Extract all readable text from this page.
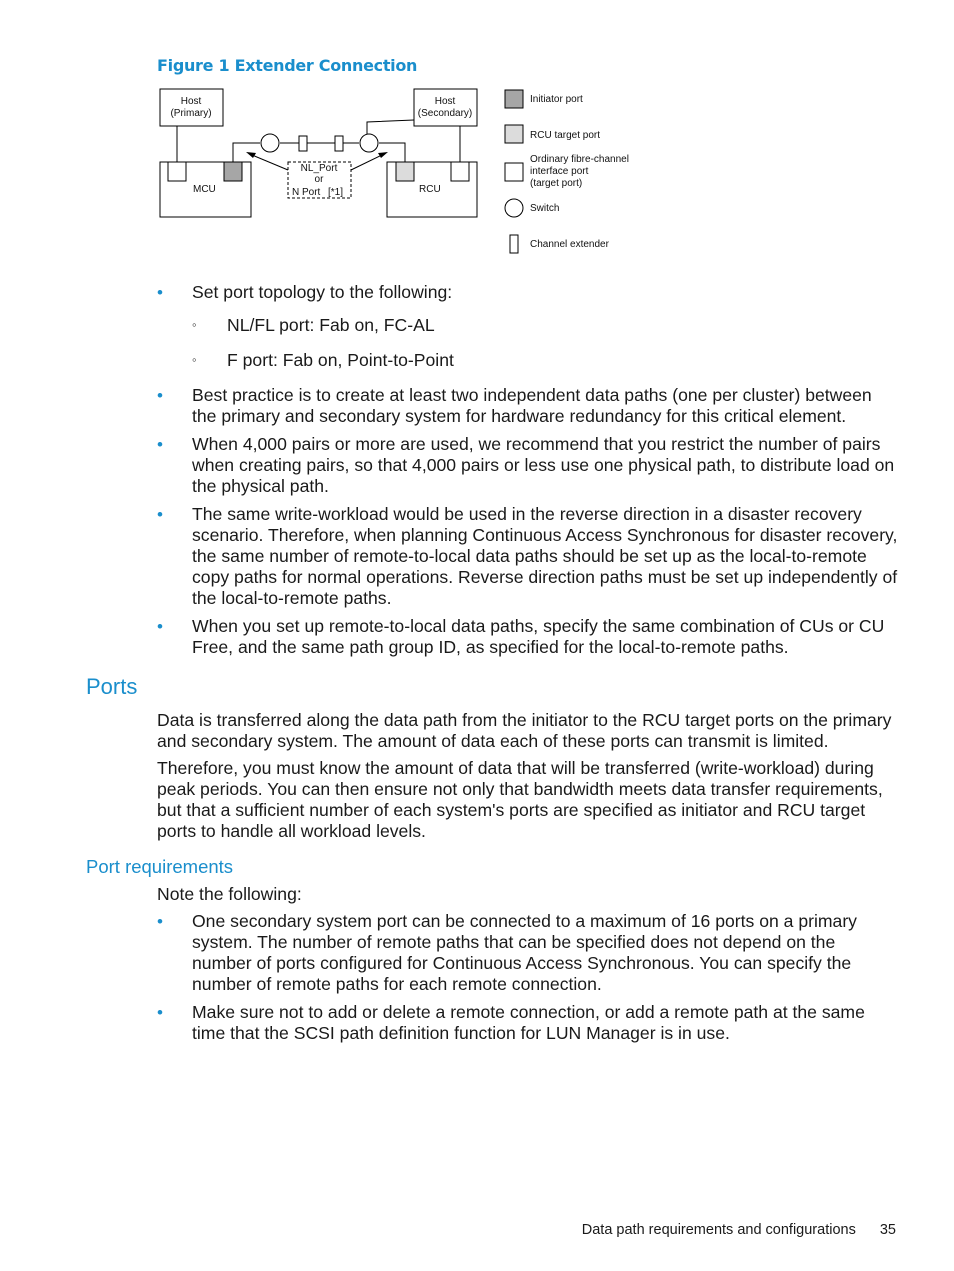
Figure 1 Extender Connection
Host
(Primary)
Host
(Secondary)
MCU	RCU
NL_Port
or
N Port [*1]
Initiator port
RCU target port
Ordinary fibre-channel
interface port
(target port)
Switch
Channel extender
• Set port topology to the following:
◦ NL/FL port: Fab on, FC-AL
◦ F port: Fab on, Point-to-Point
• Best practice is to create at least two independent data paths (one per cluster) between the primary and secondary system for hardware redundancy for this critical element.
• When 4,000 pairs or more are used, we recommend that you restrict the number of pairs when creating pairs, so that 4,000 pairs or less use one physical path, to distribute load on the physical path.
• The same write-workload would be used in the reverse direction in a disaster recovery scenario. Therefore, when planning Continuous Access Synchronous for disaster recovery, the same number of remote-to-local data paths should be set up as the local-to-remote copy paths for normal operations. Reverse direction paths must be set up independently of the local-to-remote paths.
• When you set up remote-to-local data paths, specify the same combination of CUs or CU Free, and the same path group ID, as specified for the local-to-remote paths.
Ports

Data is transferred along the data path from the initiator to the RCU target ports on the primary and secondary system. The amount of data each of these ports can transmit is limited.

Therefore, you must know the amount of data that will be transferred (write-workload) during peak periods. You can then ensure not only that bandwidth meets data transfer requirements, but that a sufficient number of each system's ports are specified as initiator and RCU target ports to handle all workload levels.

Port requirements

Note the following:

• One secondary system port can be connected to a maximum of 16 ports on a primary system. The number of remote paths that can be specified does not depend on the number of ports configured for Continuous Access Synchronous. You can specify the number of remote paths for each remote connection.
• Make sure not to add or delete a remote connection, or add a remote path at the same time that the SCSI path definition function for LUN Manager is in use.
Data path requirements and configurations 35
